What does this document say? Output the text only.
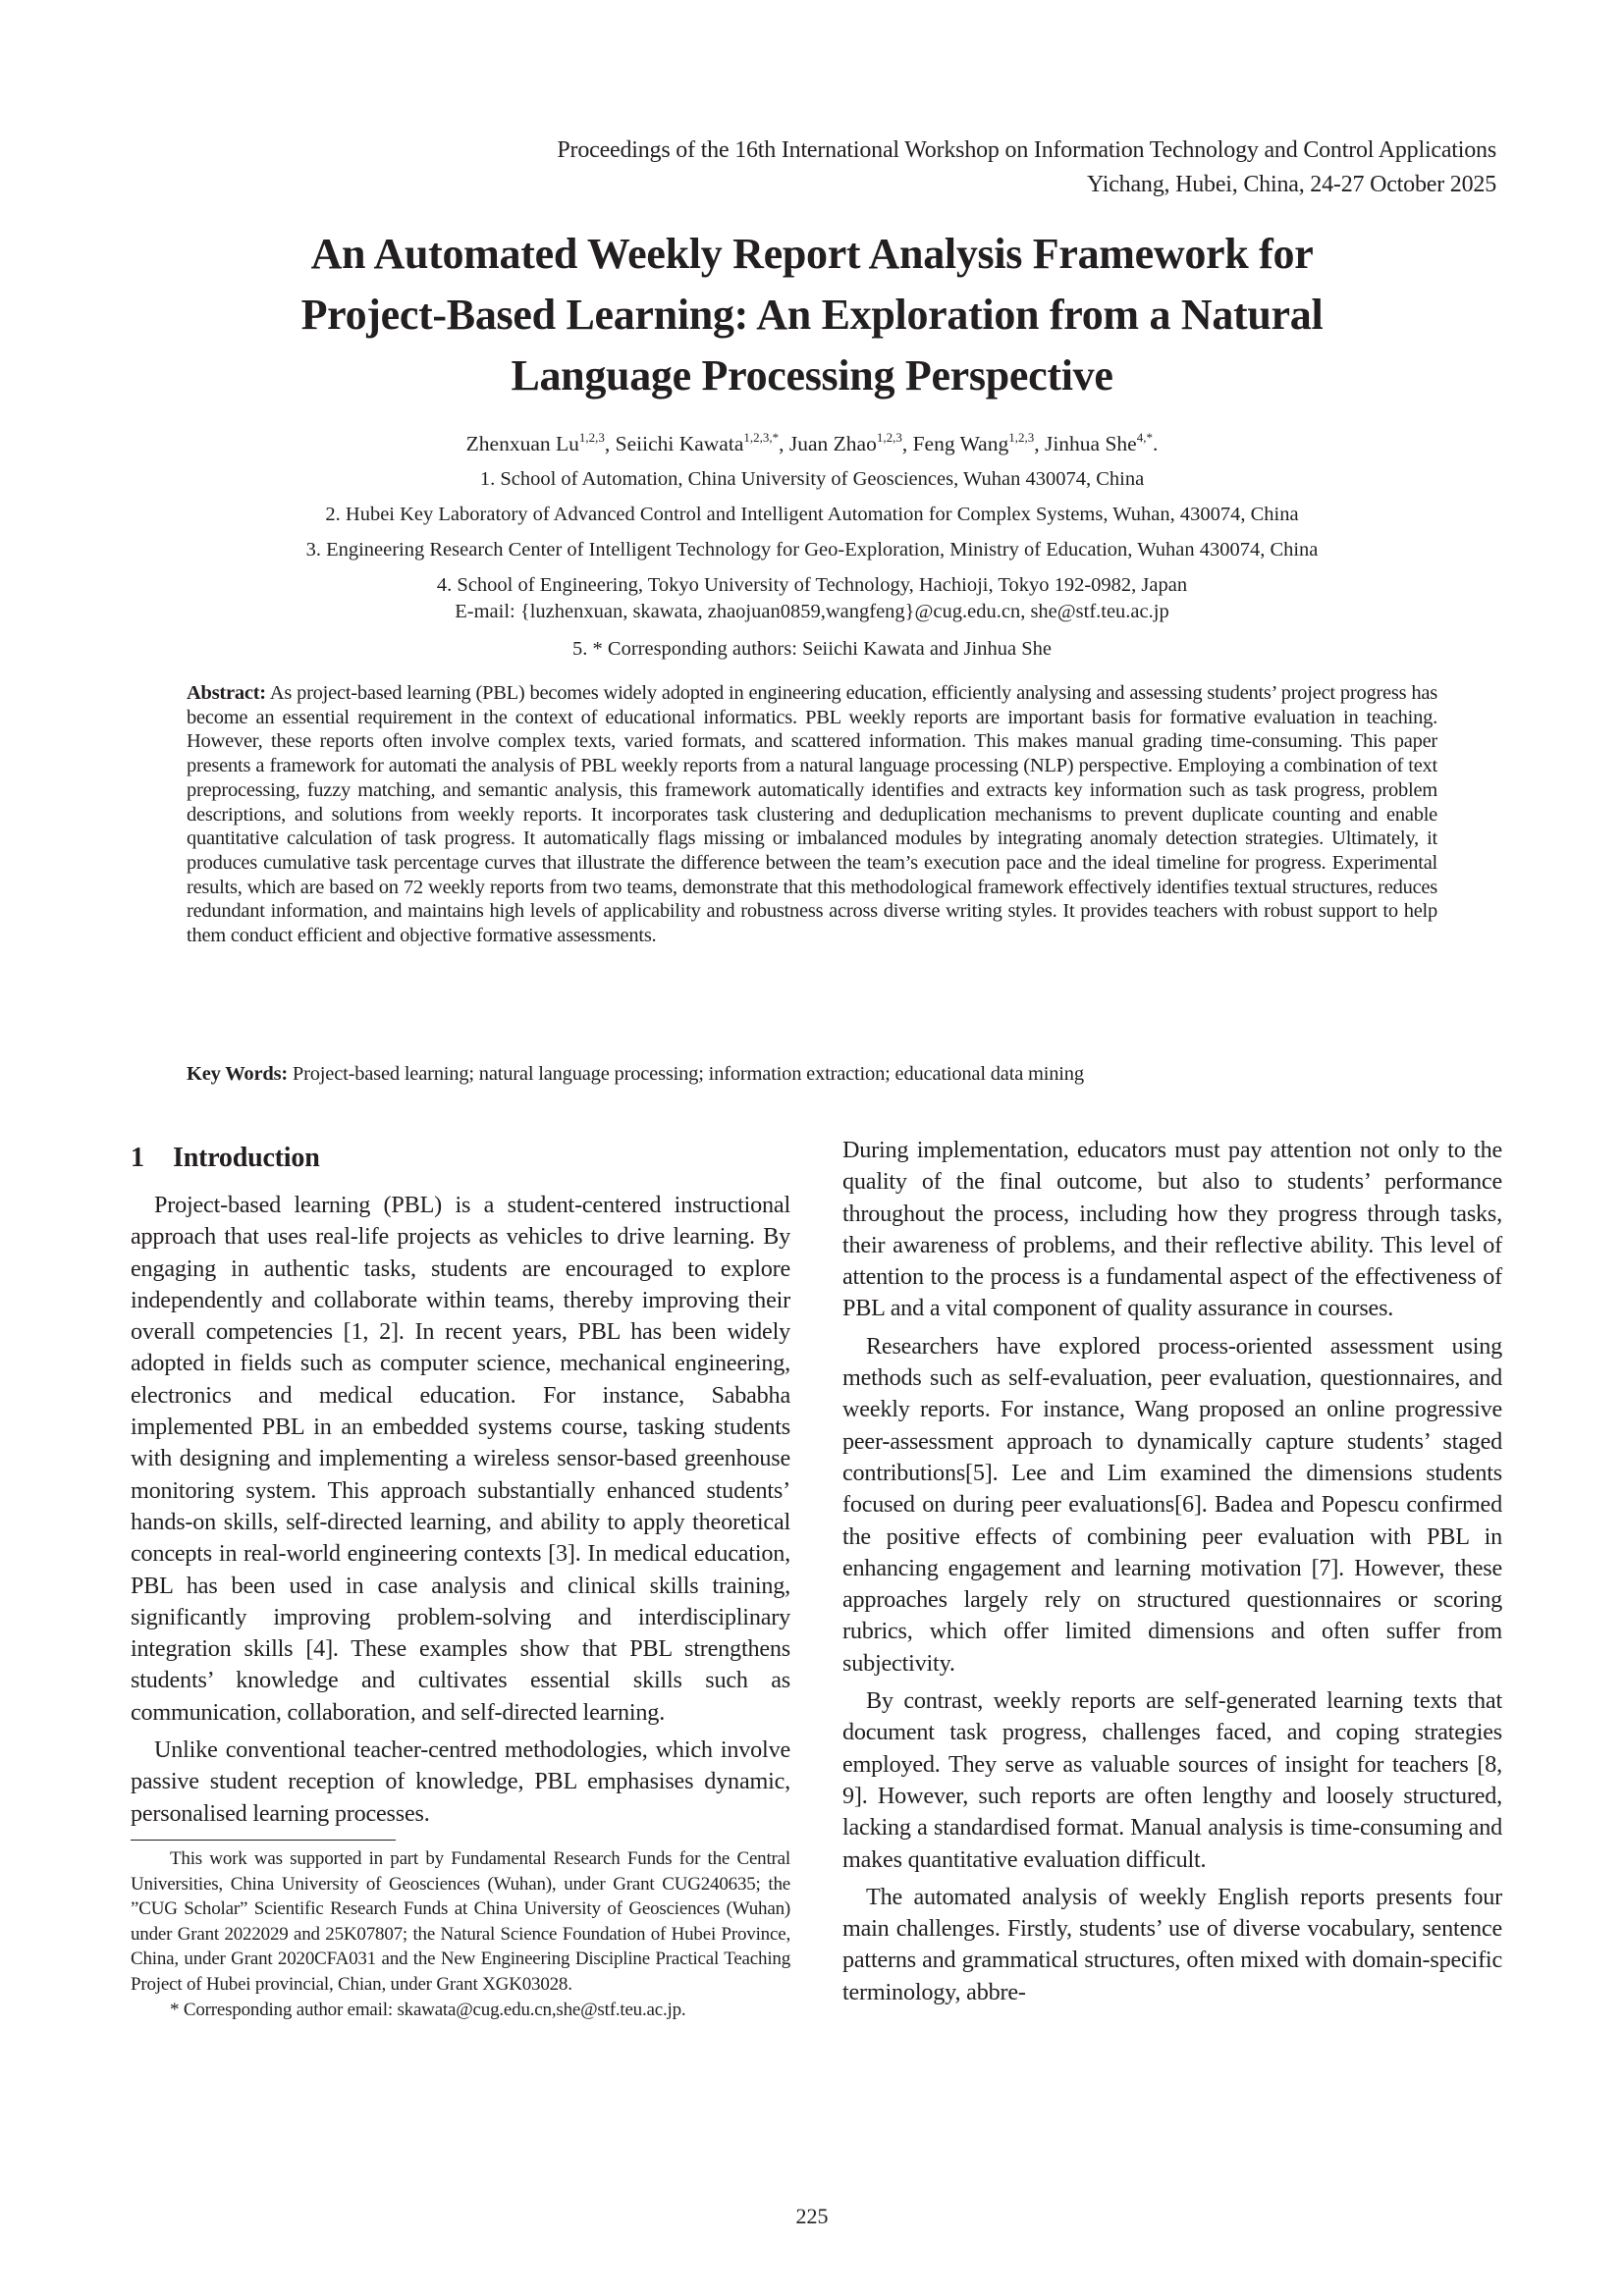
Proceedings of the 16th International Workshop on Information Technology and Control Applications
Yichang, Hubei, China, 24-27 October 2025
An Automated Weekly Report Analysis Framework for
Project-Based Learning: An Exploration from a Natural
Language Processing Perspective
Zhenxuan Lu$^{1,2,3}$, Seiichi Kawata$^{1,2,3,*}$, Juan Zhao$^{1,2,3}$, Feng Wang$^{1,2,3}$, Jinhua She$^{4,*}$.
1. School of Automation, China University of Geosciences, Wuhan 430074, China
2. Hubei Key Laboratory of Advanced Control and Intelligent Automation for Complex Systems, Wuhan, 430074, China
3. Engineering Research Center of Intelligent Technology for Geo-Exploration, Ministry of Education, Wuhan 430074, China
4. School of Engineering, Tokyo University of Technology, Hachioji, Tokyo 192-0982, Japan
E-mail: {luzhenxuan, skawata, zhaojuan0859,wangfeng}@cug.edu.cn, she@stf.teu.ac.jp
5. * Corresponding authors: Seiichi Kawata and Jinhua She
Abstract: As project-based learning (PBL) becomes widely adopted in engineering education, efficiently analysing and assessing students’ project progress has become an essential requirement in the context of educational informatics. PBL weekly reports are important basis for formative evaluation in teaching. However, these reports often involve complex texts, varied formats, and scattered information. This makes manual grading time-consuming. This paper presents a framework for automati the analysis of PBL weekly reports from a natural language processing (NLP) perspective. Employing a combination of text preprocessing, fuzzy matching, and semantic analysis, this framework automatically identifies and extracts key information such as task progress, problem descriptions, and solutions from weekly reports. It incorporates task clustering and deduplication mechanisms to prevent duplicate counting and enable quantitative calculation of task progress. It automatically flags missing or imbalanced modules by integrating anomaly detection strategies. Ultimately, it produces cumulative task percentage curves that illustrate the difference between the team’s execution pace and the ideal timeline for progress. Experimental results, which are based on 72 weekly reports from two teams, demonstrate that this methodological framework effectively identifies textual structures, reduces redundant information, and maintains high levels of applicability and robustness across diverse writing styles. It provides teachers with robust support to help them conduct efficient and objective formative assessments.
Key Words: Project-based learning; natural language processing; information extraction; educational data mining
1 Introduction

Project-based learning (PBL) is a student-centered instructional approach that uses real-life projects as vehicles to drive learning. By engaging in authentic tasks, students are encouraged to explore independently and collaborate within teams, thereby improving their overall competencies [1, 2]. In recent years, PBL has been widely adopted in fields such as computer science, mechanical engineering, electronics and medical education. For instance, Sababha implemented PBL in an embedded systems course, tasking students with designing and implementing a wireless sensor-based greenhouse monitoring system. This approach substantially enhanced students’ hands-on skills, self-directed learning, and ability to apply theoretical concepts in real-world engineering contexts [3]. In medical education, PBL has been used in case analysis and clinical skills training, significantly improving problem-solving and interdisciplinary integration skills [4]. These examples show that PBL strengthens students’ knowledge and cultivates essential skills such as communication, collaboration, and self-directed learning.

Unlike conventional teacher-centred methodologies, which involve passive student reception of knowledge, PBL emphasises dynamic, personalised learning processes.

This work was supported in part by Fundamental Research Funds for the Central Universities, China University of Geosciences (Wuhan), under Grant CUG240635; the ”CUG Scholar” Scientific Research Funds at China University of Geosciences (Wuhan) under Grant 2022029 and 25K07807; the Natural Science Foundation of Hubei Province, China, under Grant 2020CFA031 and the New Engineering Discipline Practical Teaching Project of Hubei provincial, Chian, under Grant XGK03028.

* Corresponding author email: skawata@cug.edu.cn,she@stf.teu.ac.jp.

During implementation, educators must pay attention not only to the quality of the final outcome, but also to students’ performance throughout the process, including how they progress through tasks, their awareness of problems, and their reflective ability. This level of attention to the process is a fundamental aspect of the effectiveness of PBL and a vital component of quality assurance in courses.

Researchers have explored process-oriented assessment using methods such as self-evaluation, peer evaluation, questionnaires, and weekly reports. For instance, Wang proposed an online progressive peer-assessment approach to dynamically capture students’ staged contributions[5]. Lee and Lim examined the dimensions students focused on during peer evaluations[6]. Badea and Popescu confirmed the positive effects of combining peer evaluation with PBL in enhancing engagement and learning motivation [7]. However, these approaches largely rely on structured questionnaires or scoring rubrics, which offer limited dimensions and often suffer from subjectivity.

By contrast, weekly reports are self-generated learning texts that document task progress, challenges faced, and coping strategies employed. They serve as valuable sources of insight for teachers [8, 9]. However, such reports are often lengthy and loosely structured, lacking a standardised format. Manual analysis is time-consuming and makes quantitative evaluation difficult.

The automated analysis of weekly English reports presents four main challenges. Firstly, students’ use of diverse vocabulary, sentence patterns and grammatical structures, often mixed with domain-specific terminology, abbre-

225
